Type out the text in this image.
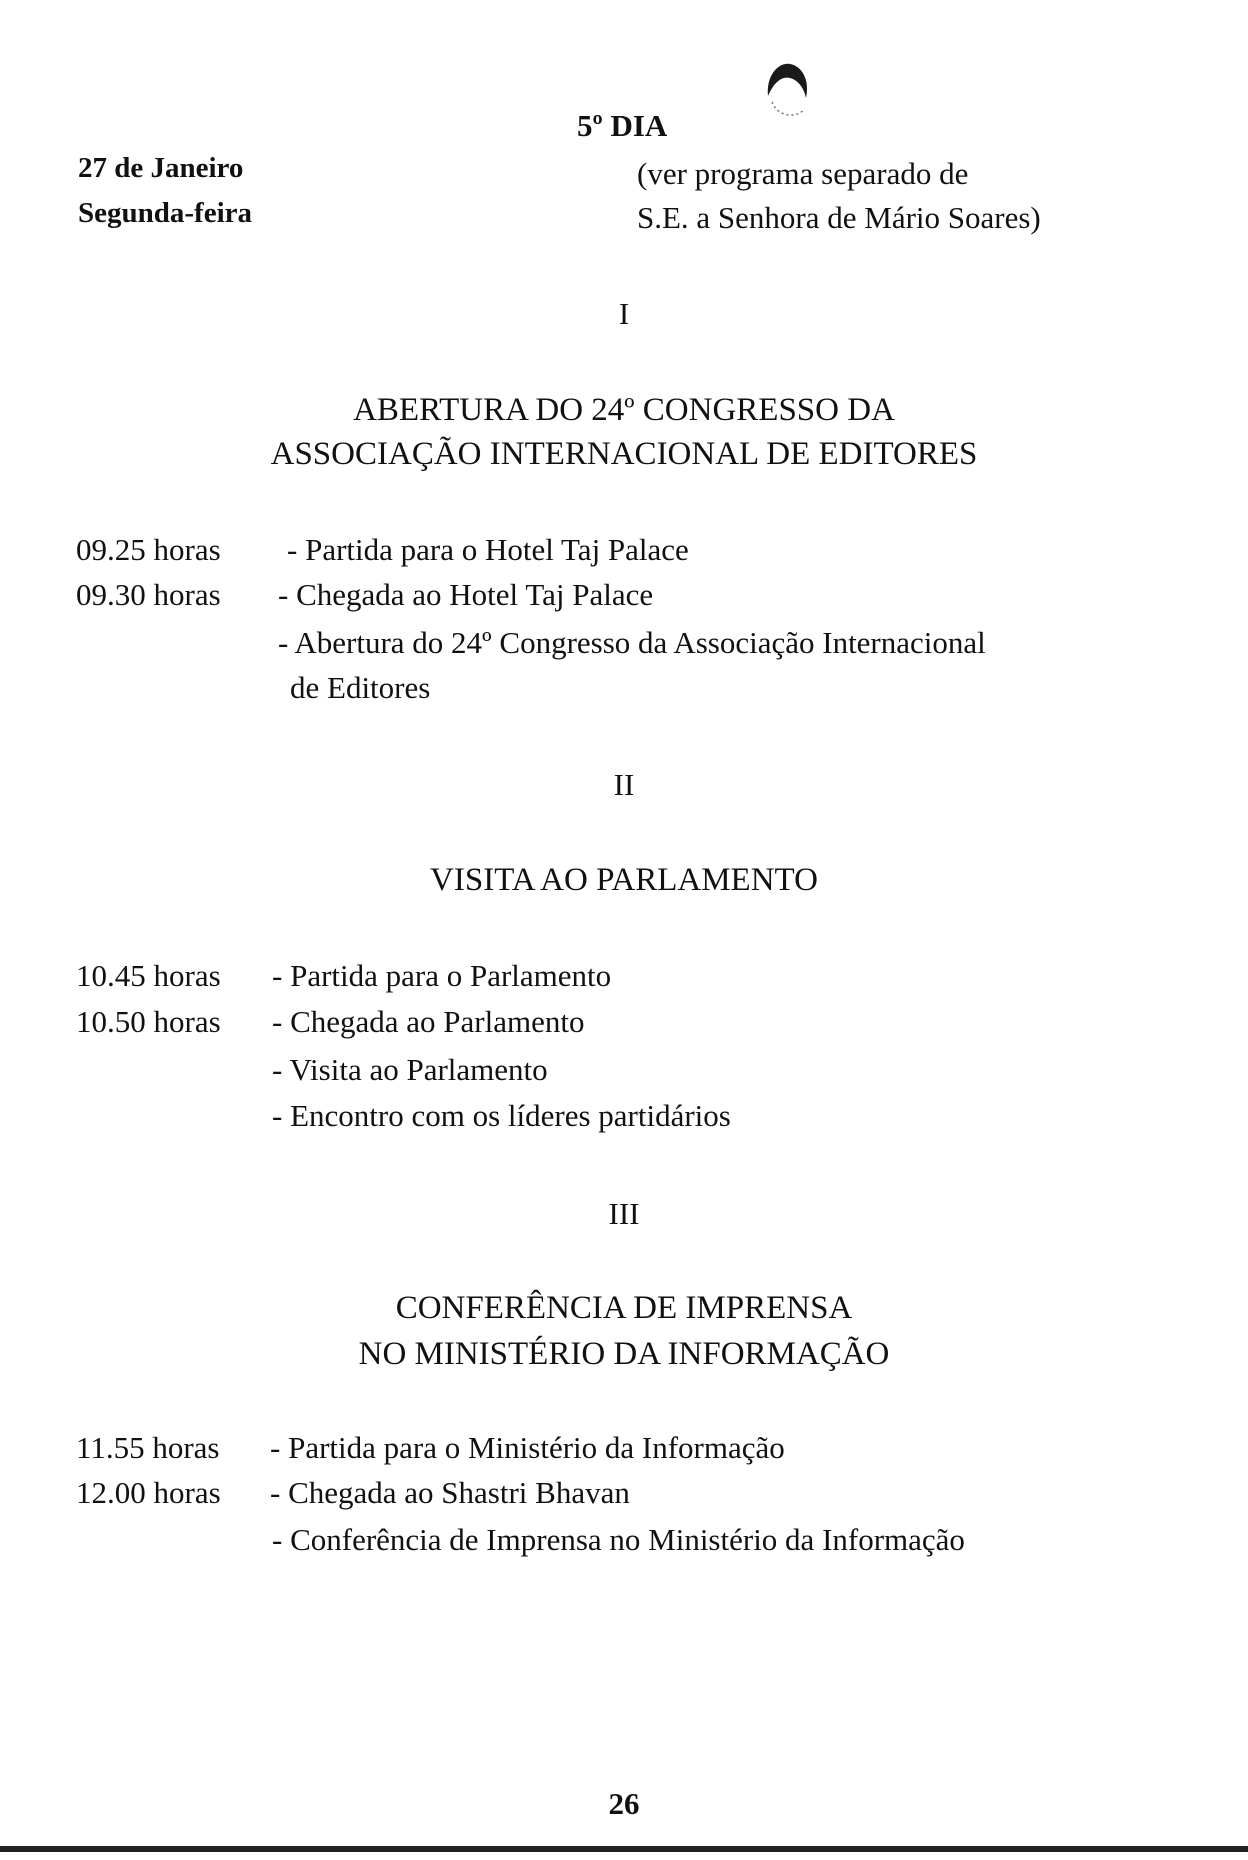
27 de Janeiro
Segunda-feira
5º DIA
(ver programa separado de
S.E. a Senhora de Mário Soares)
I
ABERTURA DO 24º CONGRESSO DA
ASSOCIAÇÃO INTERNACIONAL DE EDITORES
09.25 horas - Partida para o Hotel Taj Palace
09.30 horas - Chegada ao Hotel Taj Palace
- Abertura do 24º Congresso da Associação Internacional
de Editores
II
VISITA AO PARLAMENTO
10.45 horas - Partida para o Parlamento
10.50 horas - Chegada ao Parlamento
- Visita ao Parlamento
- Encontro com os líderes partidários
III
CONFERÊNCIA DE IMPRENSA
NO MINISTÉRIO DA INFORMAÇÃO
11.55 horas - Partida para o Ministério da Informação
12.00 horas - Chegada ao Shastri Bhavan
- Conferência de Imprensa no Ministério da Informação
26
